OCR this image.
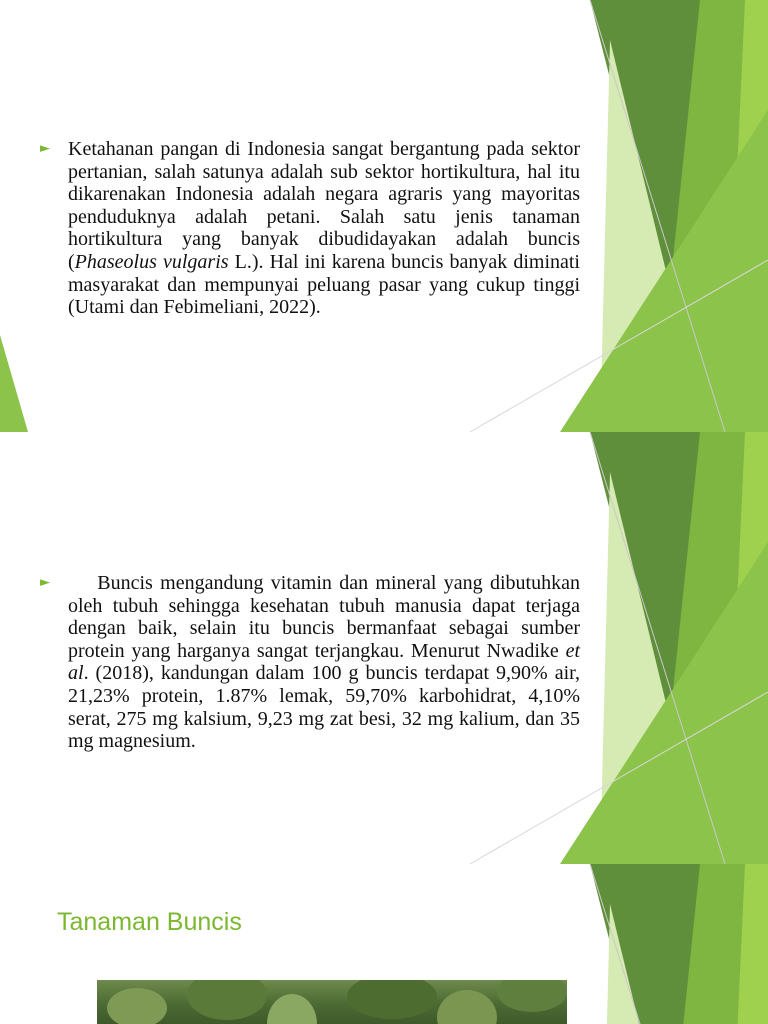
► Ketahanan pangan di Indonesia sangat bergantung pada sektor pertanian, salah satunya adalah sub sektor hortikultura, hal itu dikarenakan Indonesia adalah negara agraris yang mayoritas penduduknya adalah petani. Salah satu jenis tanaman hortikultura yang banyak dibudidayakan adalah buncis (Phaseolus vulgaris L.). Hal ini karena buncis banyak diminati masyarakat dan mempunyai peluang pasar yang cukup tinggi (Utami dan Febimeliani, 2022).

► Buncis mengandung vitamin dan mineral yang dibutuhkan oleh tubuh sehingga kesehatan tubuh manusia dapat terjaga dengan baik, selain itu buncis bermanfaat sebagai sumber protein yang harganya sangat terjangkau. Menurut Nwadike et al. (2018), kandungan dalam 100 g buncis terdapat 9,90% air, 21,23% protein, 1.87% lemak, 59,70% karbohidrat, 4,10% serat, 275 mg kalsium, 9,23 mg zat besi, 32 mg kalium, dan 35 mg magnesium.

Tanaman Buncis
